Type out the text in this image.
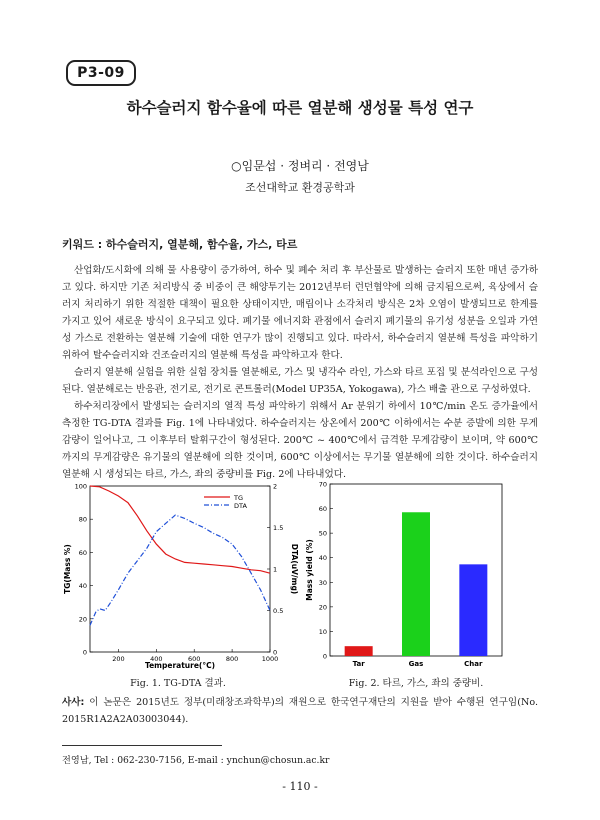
P3-09
하수슬러지 함수율에 따른 열분해 생성물 특성 연구
○임문섭 · 정벼리 · 전영남
조선대학교 환경공학과
키워드 : 하수슬러지, 열분해, 함수율, 가스, 타르

산업화/도시화에 의해 물 사용량이 증가하여, 하수 및 폐수 처리 후 부산물로 발생하는 슬러지 또한 매년 증가하고 있다. 하지만 기존 처리방식 중 비중이 큰 해양투기는 2012년부터 런던협약에 의해 금지됨으로써, 육상에서 슬러지 처리하기 위한 적절한 대책이 필요한 상태이지만, 매립이나 소각처리 방식은 2차 오염이 발생되므로 한계를 가지고 있어 새로운 방식이 요구되고 있다. 폐기물 에너지화 관점에서 슬러지 폐기물의 유기성 성분을 오일과 가연성 가스로 전환하는 열분해 기술에 대한 연구가 많이 진행되고 있다. 따라서, 하수슬러지 열분해 특성을 파악하기 위하여 탈수슬러지와 건조슬러지의 열분해 특성을 파악하고자 한다.

슬러지 열분해 실험을 위한 실험 장치를 열분해로, 가스 및 냉각수 라인, 가스와 타르 포집 및 분석라인으로 구성된다. 열분해로는 반응관, 전기로, 전기로 콘트롤러(Model UP35A, Yokogawa), 가스 배출 관으로 구성하였다.

하수처리장에서 발생되는 슬러지의 열적 특성 파악하기 위해서 Ar 분위기 하에서 10℃/min 온도 증가율에서 측정한 TG-DTA 결과를 Fig. 1에 나타내었다. 하수슬러지는 상온에서 200℃ 이하에서는 수분 증발에 의한 무게 감량이 일어나고, 그 이후부터 탈휘구간이 형성된다. 200℃ ~ 400℃에서 급격한 무게감량이 보이며, 약 600℃까지의 무게감량은 유기물의 열분해에 의한 것이며, 600℃ 이상에서는 무기물 열분해에 의한 것이다. 하수슬러지 열분해 시 생성되는 타르, 가스, 좌의 중량비를 Fig. 2에 나타내었다.

0
20
40
60
80
100
0
0.5
1
1.5
2
200	400	600	800	1000
TG
DTA
Temperature(°C)
TG(Mass %)	DTA(uV/mg)
Fig. 1. TG-DTA 결과.
0
10
20
30
40
50
60
70
Tar	Gas	Char
Mass yield (%)
Fig. 2. 타르, 가스, 좌의 중량비.
사사: 이 논문은 2015년도 정부(미래창조과학부)의 재원으로 한국연구재단의 지원을 받아 수행된 연구임(No. 2015R1A2A2A03003044).
전영남, Tel : 062-230-7156, E-mail : ynchun@chosun.ac.kr
- 110 -
